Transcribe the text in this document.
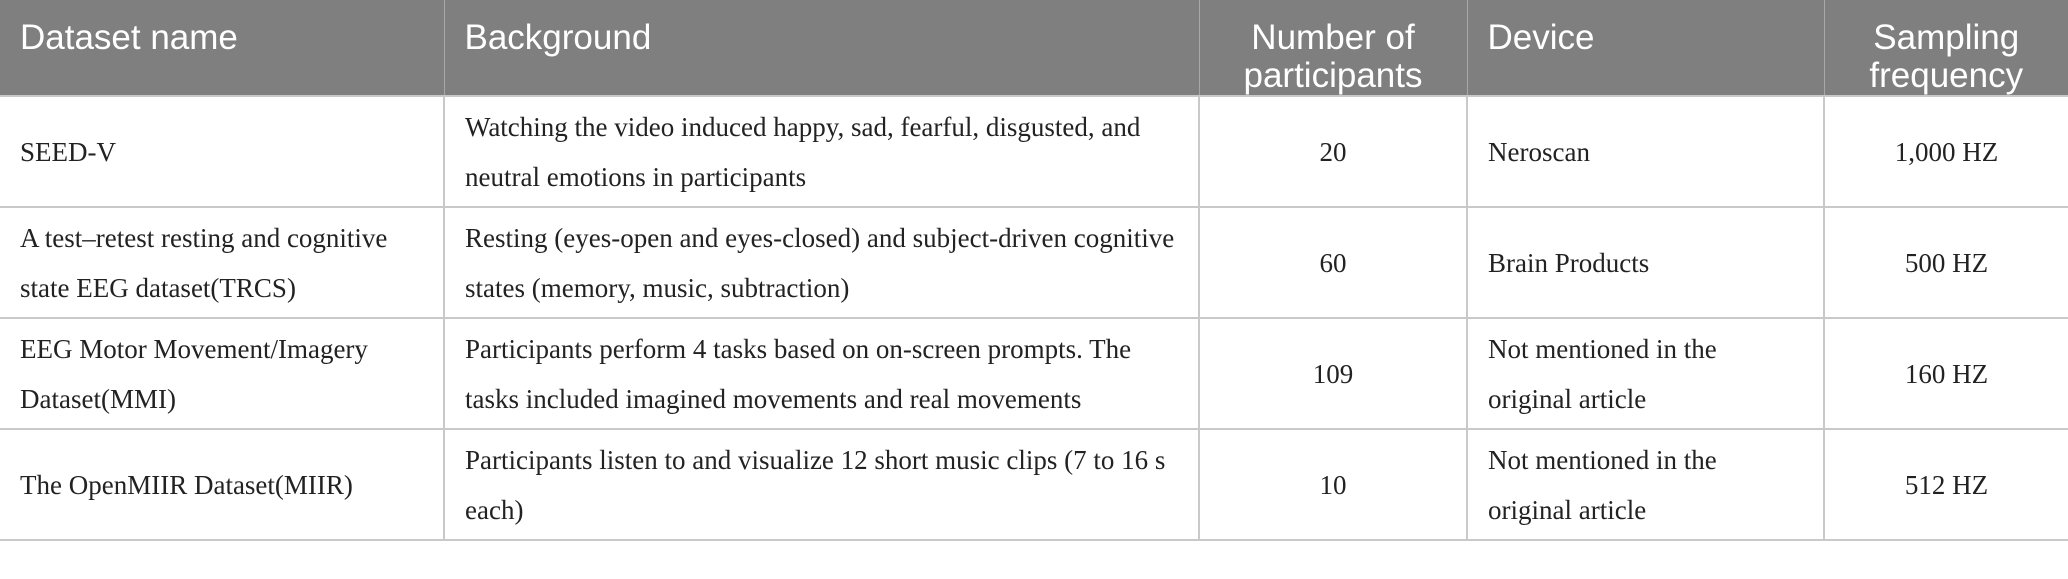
Dataset name	Background	Number of participants	Device	Sampling frequency
SEED-V	Watching the video induced happy, sad, fearful, disgusted, and neutral emotions in participants	20	Neroscan	1,000 HZ
A test–retest resting and cognitive state EEG dataset(TRCS)	Resting (eyes-open and eyes-closed) and subject-driven cognitive states (memory, music, subtraction)	60	Brain Products	500 HZ
EEG Motor Movement/Imagery Dataset(MMI)	Participants perform 4 tasks based on on-screen prompts. The tasks included imagined movements and real movements	109	Not mentioned in the original article	160 HZ
The OpenMIIR Dataset(MIIR)	Participants listen to and visualize 12 short music clips (7 to 16 s each)	10	Not mentioned in the original article	512 HZ
